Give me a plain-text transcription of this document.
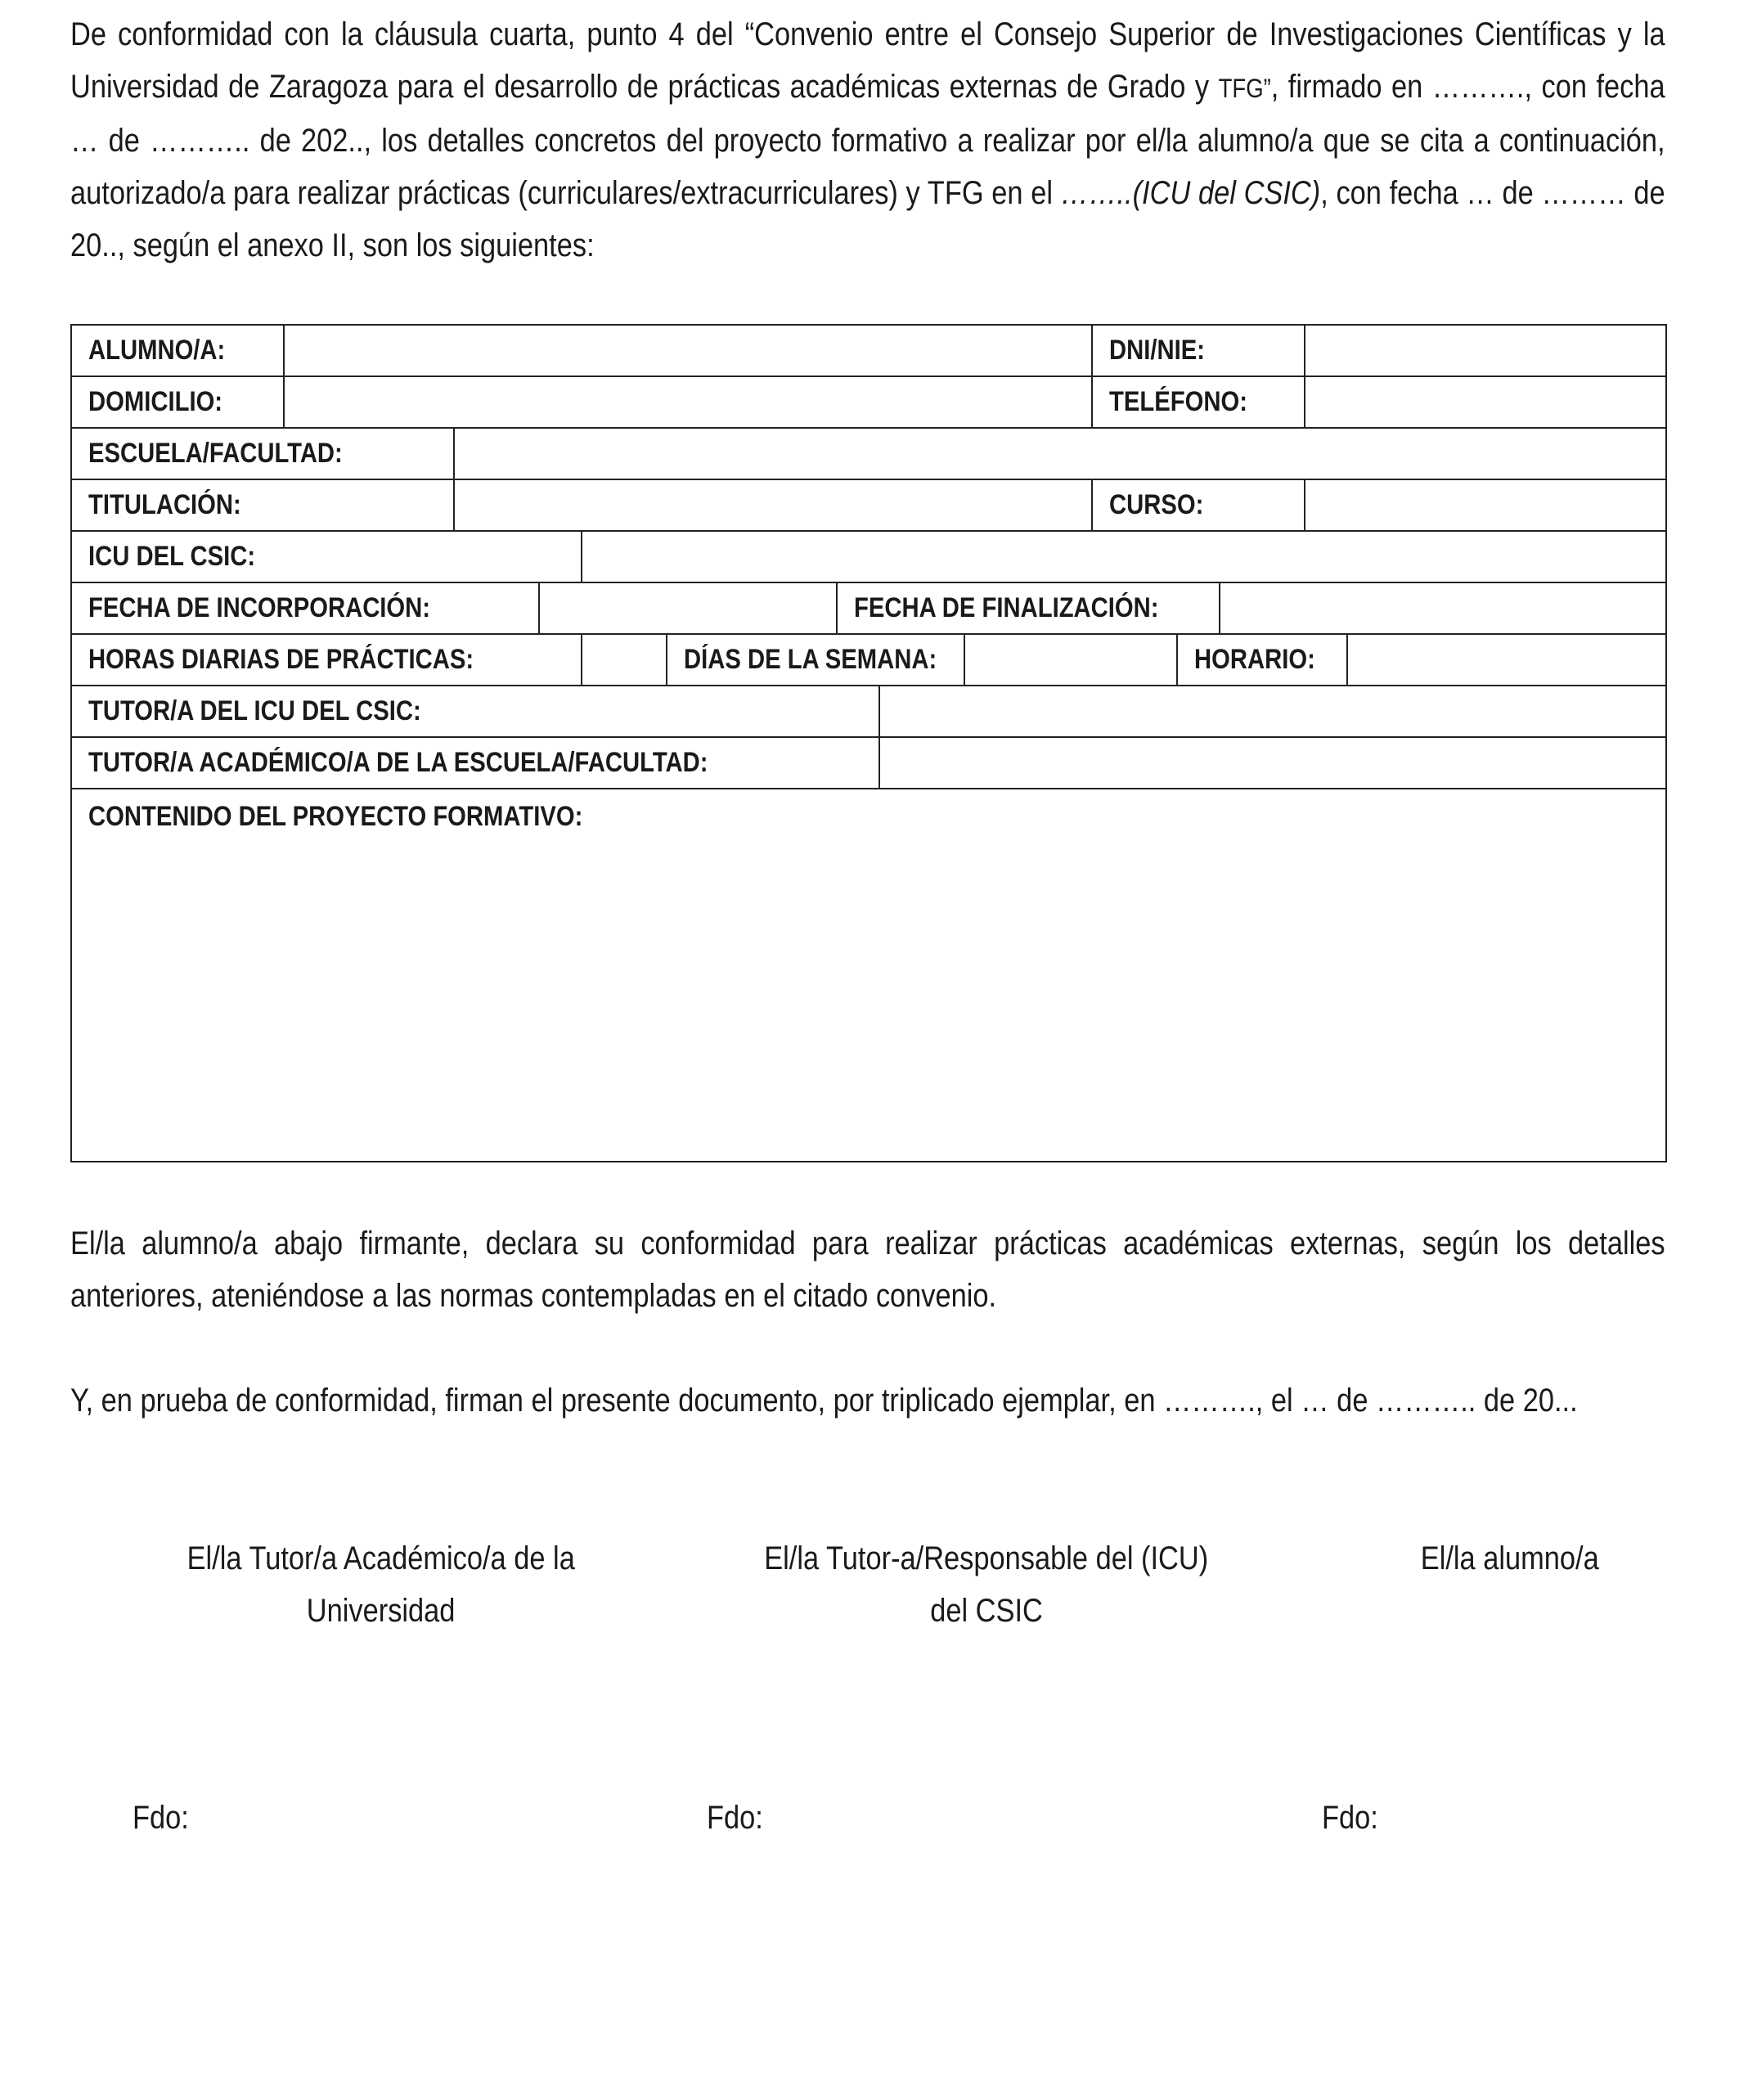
De conformidad con la cláusula cuarta, punto 4 del “Convenio entre el Consejo Superior de Investigaciones Científicas y la Universidad de Zaragoza para el desarrollo de prácticas académicas externas de Grado y TFG”, firmado en ………., con fecha … de ……….. de 202.., los detalles concretos del proyecto formativo a realizar por el/la alumno/a que se cita a continuación, autorizado/a para realizar prácticas (curriculares/extracurriculares) y TFG en el ……..(ICU del CSIC), con fecha … de ……… de 20.., según el anexo II, son los siguientes:

ALUMNO/A:									DNI/NIE:				
DOMICILIO:									TELÉFONO:				
ESCUELA/FACULTAD:													
TITULACIÓN:									CURSO:				
ICU DEL CSIC:													
FECHA DE INCORPORACIÓN:						FECHA DE FINALIZACIÓN:							
HORAS DIARIAS DE PRÁCTICAS:					DÍAS DE LA SEMANA:					HORARIO:			
TUTOR/A DEL ICU DEL CSIC:													
TUTOR/A ACADÉMICO/A DE LA ESCUELA/FACULTAD:													
CONTENIDO DEL PROYECTO FORMATIVO:													

El/la alumno/a abajo firmante, declara su conformidad para realizar prácticas académicas externas, según los detalles anteriores, ateniéndose a las normas contempladas en el citado convenio.

Y, en prueba de conformidad, firman el presente documento, por triplicado ejemplar, en ………., el … de ……….. de 20...

El/la Tutor/a Académico/a de la
Universidad
El/la Tutor-a/Responsable del (ICU)
del CSIC
El/la alumno/a
Fdo:	Fdo:	Fdo:
